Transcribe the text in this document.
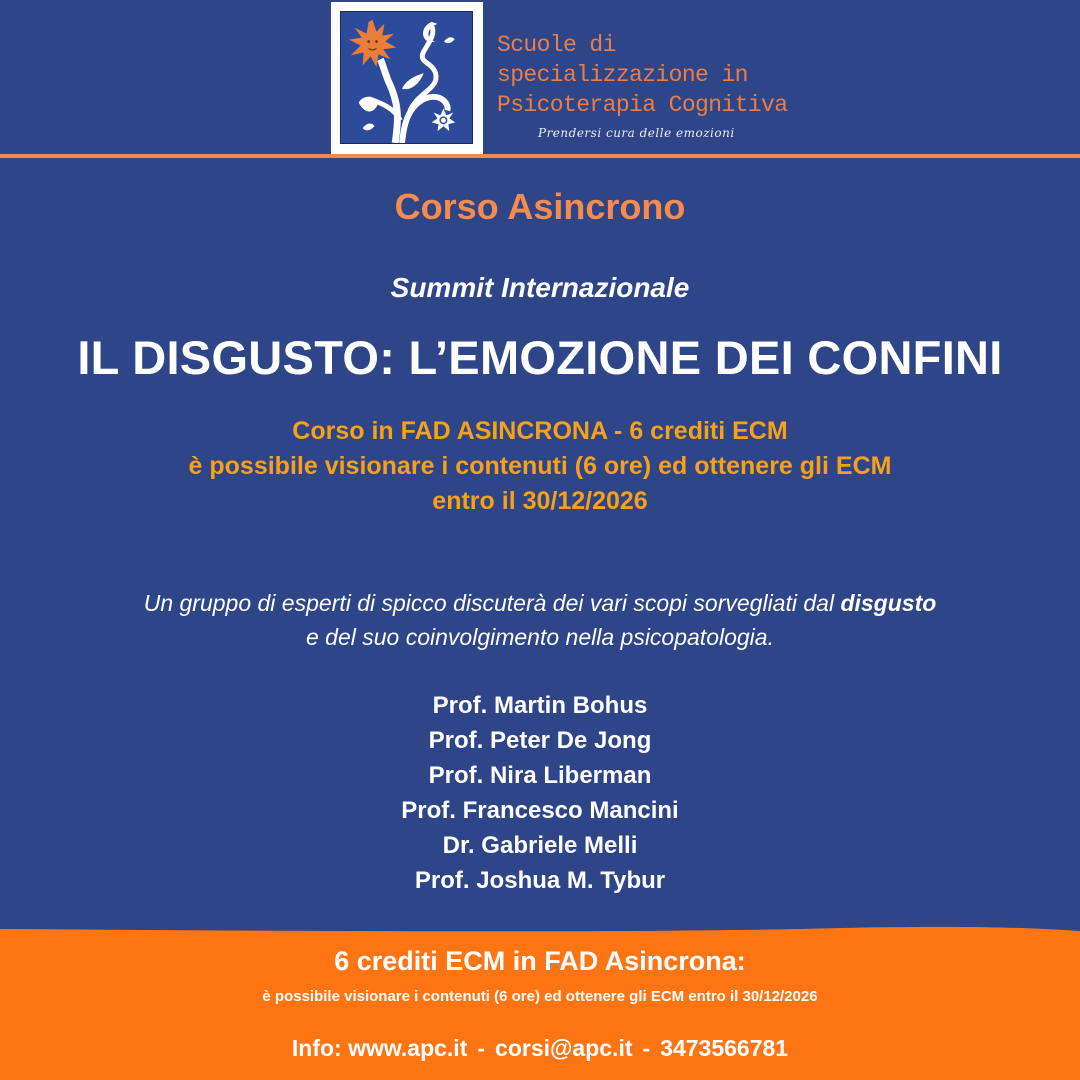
Scuole di
specializzazione in
Psicoterapia Cognitiva
Prendersi cura delle emozioni
Corso Asincrono
Summit Internazionale
IL DISGUSTO: L’EMOZIONE DEI CONFINI
Corso in FAD ASINCRONA - 6 crediti ECM
è possibile visionare i contenuti (6 ore) ed ottenere gli ECM
entro il 30/12/2026
Un gruppo di esperti di spicco discuterà dei vari scopi sorvegliati dal disgusto
e del suo coinvolgimento nella psicopatologia.
Prof. Martin Bohus
Prof. Peter De Jong
Prof. Nira Liberman
Prof. Francesco Mancini
Dr. Gabriele Melli
Prof. Joshua M. Tybur
6 crediti ECM in FAD Asincrona:
è possibile visionare i contenuti (6 ore) ed ottenere gli ECM entro il 30/12/2026
Info: www.apc.it - corsi@apc.it - 3473566781
